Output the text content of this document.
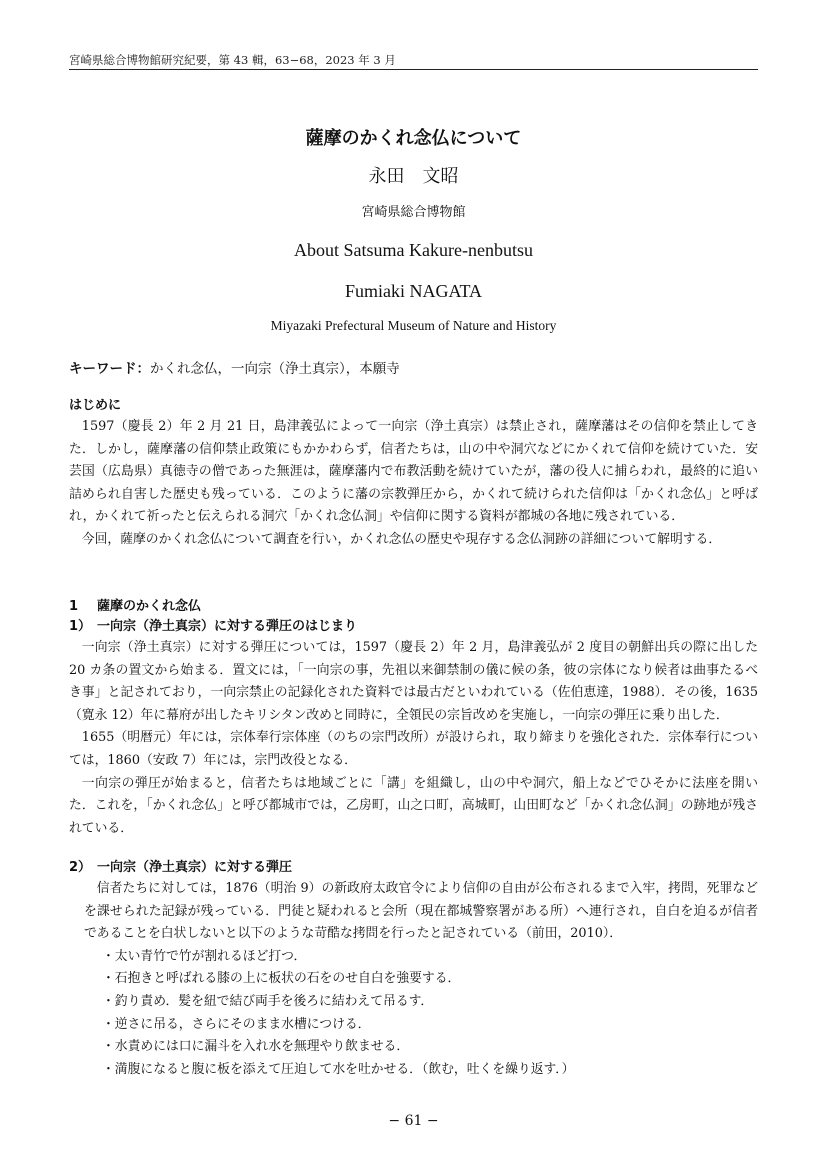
宮崎県総合博物館研究紀要，第 43 輯，63−68，2023 年 3 月
薩摩のかくれ念仏について
永田　文昭
宮崎県総合博物館
About Satsuma Kakure-nenbutsu
Fumiaki NAGATA
Miyazaki Prefectural Museum of Nature and History
キーワード：かくれ念仏，一向宗（浄土真宗），本願寺
はじめに

1597（慶長 2）年 2 月 21 日，島津義弘によって一向宗（浄土真宗）は禁止され，薩摩藩はその信仰を禁止してきた．しかし，薩摩藩の信仰禁止政策にもかかわらず，信者たちは，山の中や洞穴などにかくれて信仰を続けていた．安芸国（広島県）真徳寺の僧であった無涯は，薩摩藩内で布教活動を続けていたが，藩の役人に捕らわれ，最終的に追い詰められ自害した歴史も残っている．このように藩の宗教弾圧から，かくれて続けられた信仰は「かくれ念仏」と呼ばれ，かくれて祈ったと伝えられる洞穴「かくれ念仏洞」や信仰に関する資料が都城の各地に残されている．

今回，薩摩のかくれ念仏について調査を行い，かくれ念仏の歴史や現存する念仏洞跡の詳細について解明する．

1 薩摩のかくれ念仏
1） 一向宗（浄土真宗）に対する弾圧のはじまり

一向宗（浄土真宗）に対する弾圧については，1597（慶長 2）年 2 月，島津義弘が 2 度目の朝鮮出兵の際に出した 20 カ条の置文から始まる．置文には，「一向宗の事，先祖以来御禁制の儀に候の条，彼の宗体になり候者は曲事たるべき事」と記されており，一向宗禁止の記録化された資料では最古だといわれている（佐伯恵達，1988）．その後，1635（寛永 12）年に幕府が出したキリシタン改めと同時に，全領民の宗旨改めを実施し，一向宗の弾圧に乗り出した．

1655（明暦元）年には，宗体奉行宗体座（のちの宗門改所）が設けられ，取り締まりを強化された．宗体奉行については，1860（安政 7）年には，宗門改役となる．

一向宗の弾圧が始まると，信者たちは地域ごとに「講」を組織し，山の中や洞穴，船上などでひそかに法座を開いた．これを，「かくれ念仏」と呼び都城市では，乙房町，山之口町，高城町，山田町など「かくれ念仏洞」の跡地が残されている．

2） 一向宗（浄土真宗）に対する弾圧

信者たちに対しては，1876（明治 9）の新政府太政官令により信仰の自由が公布されるまで入牢，拷問，死罪などを課せられた記録が残っている．門徒と疑われると会所（現在都城警察署がある所）へ連行され，自白を迫るが信者であることを白状しないと以下のような苛酷な拷問を行ったと記されている（前田，2010）．

・太い青竹で竹が割れるほど打つ．
・石抱きと呼ばれる膝の上に板状の石をのせ自白を強要する．
・釣り責め．髪を紐で結び両手を後ろに結わえて吊るす．
・逆さに吊る，さらにそのまま水槽につける．
・水責めには口に漏斗を入れ水を無理やり飲ませる．
・満腹になると腹に板を添えて圧迫して水を吐かせる．（飲む，吐くを繰り返す．）
− 61 −
